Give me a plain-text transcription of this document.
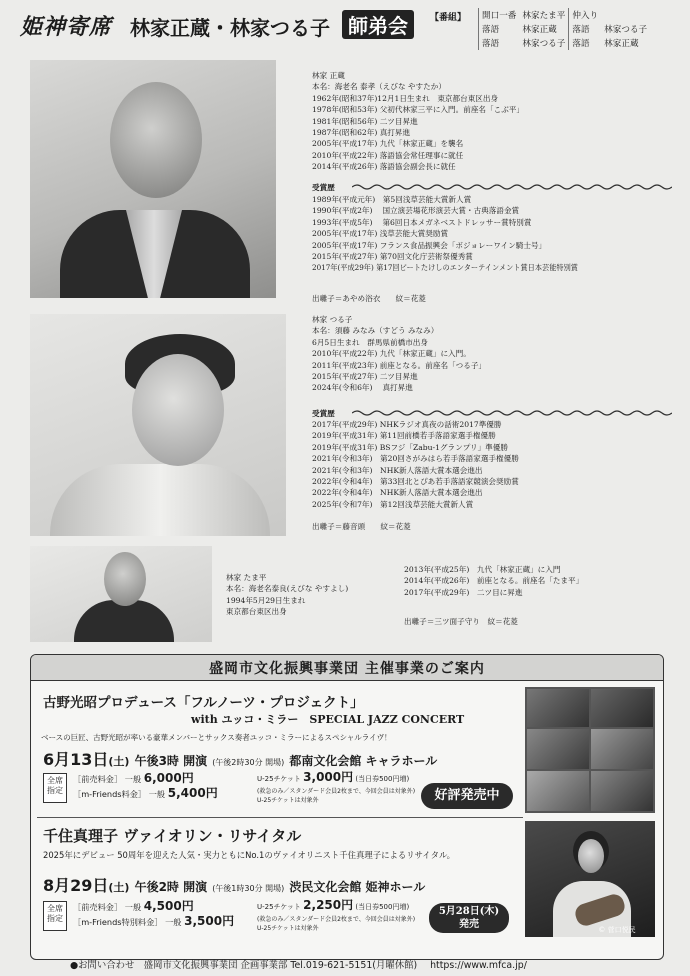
姫神寄席 林家正蔵・林家つる子 師弟会	【番組】 開口一番	林家たま平	仲入り	
落語	林家正蔵	落語	林家つる子
落語	林家つる子	落語	林家正蔵
林家 正蔵
本名：海老名 泰孝（えびな やすたか）
1962年(昭和37年)12月1日生まれ　東京都台東区出身
1978年(昭和53年) 父初代林家三平に入門。前座名「こぶ平」
1981年(昭和56年) 二ツ目昇進
1987年(昭和62年) 真打昇進
2005年(平成17年) 九代「林家正蔵」を襲名
2010年(平成22年) 落語協会常任理事に就任
2014年(平成26年) 落語協会副会長に就任
受賞歴
1989年(平成元年)　第5回浅草芸能大賞新人賞
1990年(平成2年)　 国立演芸場花形演芸大賞・古典落語金賞
1993年(平成5年)　 第6回日本メガネベストドレッサー賞特別賞
2005年(平成17年) 浅草芸能大賞奨励賞
2005年(平成17年) フランス食品振興会「ボジョレーワイン騎士号」
2015年(平成27年) 第70回文化庁芸術祭優秀賞
2017年(平成29年) 第17回ビートたけしのエンターテインメント賞日本芸能特別賞
出囃子＝あやめ浴衣　　紋＝花菱
林家 つる子
本名：須藤 みなみ（すどう みなみ）
6月5日生まれ　群馬県前橋市出身
2010年(平成22年) 九代「林家正蔵」に入門。
2011年(平成23年) 前座となる。前座名「つる子」
2015年(平成27年) 二ツ目昇進
2024年(令和6年)　 真打昇進
受賞歴
2017年(平成29年) NHKラジオ真夜の話術2017準優勝
2019年(平成31年) 第11回前橋若手落語家選手権優勝
2019年(平成31年) BSフジ「Zabu-1グランプリ」準優勝
2021年(令和3年)　第20回さがみはら若手落語家選手権優勝
2021年(令和3年)　NHK新人落語大賞本選会進出
2022年(令和4年)　第33回北とぴあ若手落語家競演会奨励賞
2022年(令和4年)　NHK新人落語大賞本選会進出
2025年(令和7年)　第12回浅草芸能大賞新人賞
出囃子＝藤音頭　　紋＝花菱
林家 たま平
本名：海老名泰良(えびな やすよし)
1994年5月29日生まれ
東京都台東区出身
2013年(平成25年)　九代「林家正蔵」に入門
2014年(平成26年)　前座となる。前座名「たま平」
2017年(平成29年)　二ツ目に昇進
出囃子＝三ツ面子守り　紋＝花菱
盛岡市文化振興事業団 主催事業のご案内
古野光昭プロデュース「フルノーツ・プロジェクト」
with ユッコ・ミラー　SPECIAL JAZZ CONCERT
ベースの巨匠、古野光昭が率いる豪華メンバーとサックス奏者ユッコ・ミラーによるスペシャルライヴ！
6月13日(土) 午後3時 開演 (午後2時30分 開場) 都南文化会館 キャラホール
全席指定
［前売料金］ 一般 6,000円
［m-Friends料金］ 一般 5,400円
U-25チケット 3,000円 (当日券500円増)
(救急のみ／スタンダード会員2枚まで、今回会員は対象外)
U-25チケットは対象外	好評発売中
千住真理子 ヴァイオリン・リサイタル
2025年にデビュー 50周年を迎えた人気・実力ともにNo.1のヴァイオリニスト千住真理子によるリサイタル。
8月29日(土) 午後2時 開演 (午後1時30分 開場) 渋民文化会館 姫神ホール
全席指定
［前売料金］ 一般 4,500円
［m-Friends特別料金］ 一般 3,500円
U-25チケット 2,250円 (当日券500円増)
(救急のみ／スタンダード会員2枚まで、今回会員は対象外)
U-25チケットは対象外
5月28日(木)
発売	© 菅口悦民
●お問い合わせ　盛岡市文化振興事業団 企画事業部 Tel.019-621-5151(月曜休館) https://www.mfca.jp/
